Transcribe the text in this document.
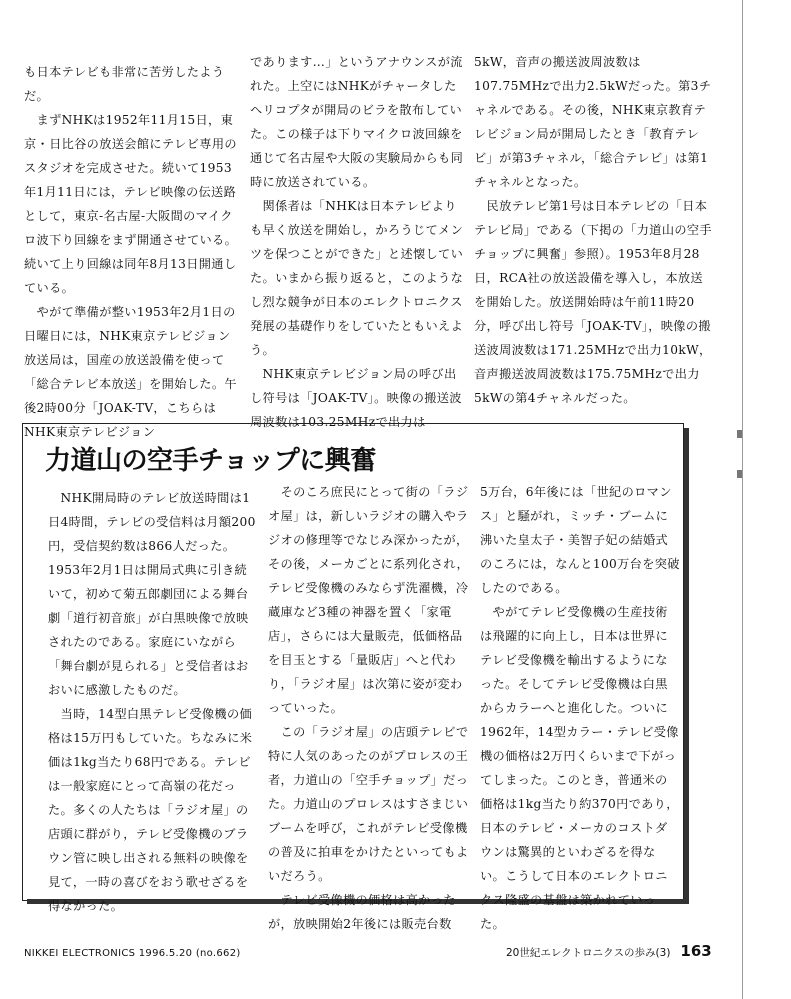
も日本テレビも非常に苦労したようだ。

　まずNHKは1952年11月15日，東京・日比谷の放送会館にテレビ専用のスタジオを完成させた。続いて1953年1月11日には，テレビ映像の伝送路として，東京-名古屋-大阪間のマイクロ波下り回線をまず開通させている。続いて上り回線は同年8月13日開通している。

　やがて準備が整い1953年2月1日の日曜日には，NHK東京テレビジョン放送局は，国産の放送設備を使って「総合テレビ本放送」を開始した。午後2時00分「JOAK-TV，こちらはNHK東京テレビジョン

であります…」というアナウンスが流れた。上空にはNHKがチャータしたヘリコプタが開局のビラを散布していた。この様子は下りマイクロ波回線を通じて名古屋や大阪の実験局からも同時に放送されている。

　関係者は「NHKは日本テレビよりも早く放送を開始し，かろうじてメンツを保つことができた」と述懐していた。いまから振り返ると，このようなし烈な競争が日本のエレクトロニクス発展の基礎作りをしていたともいえよう。

　NHK東京テレビジョン局の呼び出し符号は「JOAK-TV」。映像の搬送波周波数は103.25MHzで出力は

5kW，音声の搬送波周波数は107.75MHzで出力2.5kWだった。第3チャネルである。その後，NHK東京教育テレビジョン局が開局したとき「教育テレビ」が第3チャネル，「総合テレビ」は第1チャネルとなった。

　民放テレビ第1号は日本テレビの「日本テレビ局」である（下掲の「力道山の空手チョップに興奮」参照）。1953年8月28日，RCA社の放送設備を導入し，本放送を開始した。放送開始時は午前11時20分，呼び出し符号「JOAK-TV」，映像の搬送波周波数は171.25MHzで出力10kW，音声搬送波周波数は175.75MHzで出力5kWの第4チャネルだった。

力道山の空手チョップに興奮

　NHK開局時のテレビ放送時間は1日4時間，テレビの受信料は月額200円，受信契約数は866人だった。1953年2月1日は開局式典に引き続いて，初めて菊五郎劇団による舞台劇「道行初音旅」が白黒映像で放映されたのである。家庭にいながら「舞台劇が見られる」と受信者はおおいに感激したものだ。

　当時，14型白黒テレビ受像機の価格は15万円もしていた。ちなみに米価は1kg当たり68円である。テレビは一般家庭にとって高嶺の花だった。多くの人たちは「ラジオ屋」の店頭に群がり，テレビ受像機のブラウン管に映し出される無料の映像を見て，一時の喜びをおう歌せざるを得なかった。

　そのころ庶民にとって街の「ラジオ屋」は，新しいラジオの購入やラジオの修理等でなじみ深かったが，その後，メーカごとに系列化され，テレビ受像機のみならず洗濯機，冷蔵庫など3種の神器を置く「家電店」，さらには大量販売，低価格品を目玉とする「量販店」へと代わり，「ラジオ屋」は次第に姿が変わっていった。

　この「ラジオ屋」の店頭テレビで特に人気のあったのがプロレスの王者，力道山の「空手チョップ」だった。力道山のプロレスはすさまじいブームを呼び，これがテレビ受像機の普及に拍車をかけたといってもよいだろう。

　テレビ受像機の価格は高かったが，放映開始2年後には販売台数

5万台，6年後には「世紀のロマンス」と騒がれ，ミッチ・ブームに沸いた皇太子・美智子妃の結婚式のころには，なんと100万台を突破したのである。

　やがてテレビ受像機の生産技術は飛躍的に向上し，日本は世界にテレビ受像機を輸出するようになった。そしてテレビ受像機は白黒からカラーへと進化した。ついに1962年，14型カラー・テレビ受像機の価格は2万円くらいまで下がってしまった。このとき，普通米の価格は1kg当たり約370円であり，日本のテレビ・メーカのコストダウンは驚異的といわざるを得ない。こうして日本のエレクトロニクス隆盛の基盤は築かれていった。

NIKKEI ELECTRONICS 1996.5.20 (no.662)	20世紀エレクトロニクスの歩み(3) 163
